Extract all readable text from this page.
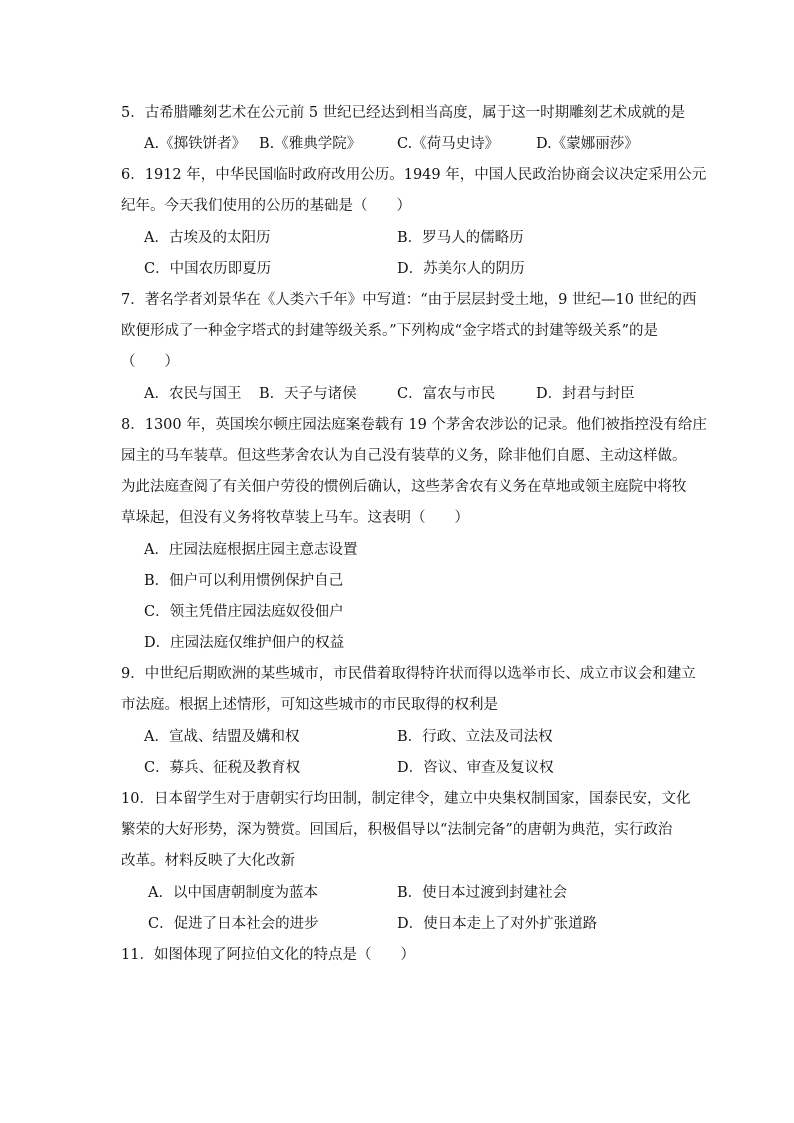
5．古希腊雕刻艺术在公元前 5 世纪已经达到相当高度，属于这一时期雕刻艺术成就的是
A.《掷铁饼者》 B.《雅典学院》 C.《荷马史诗》	D.《蒙娜丽莎》
6．1912 年，中华民国临时政府改用公历。1949 年，中国人民政治协商会议决定采用公元
纪年。今天我们使用的公历的基础是（　　）
A．古埃及的太阳历	B．罗马人的儒略历
C．中国农历即夏历	D．苏美尔人的阴历
7．著名学者刘景华在《人类六千年》中写道：“由于层层封受土地，9 世纪—10 世纪的西
欧便形成了一种金字塔式的封建等级关系。”下列构成“金字塔式的封建等级关系”的是
（　　）
A．农民与国王 B．天子与诸侯	C．富农与市民	D．封君与封臣
8．1300 年，英国埃尔顿庄园法庭案卷载有 19 个茅舍农涉讼的记录。他们被指控没有给庄
园主的马车装草。但这些茅舍农认为自己没有装草的义务，除非他们自愿、主动这样做。
为此法庭查阅了有关佃户劳役的惯例后确认，这些茅舍农有义务在草地或领主庭院中将牧
草垛起，但没有义务将牧草装上马车。这表明（　　）
A．庄园法庭根据庄园主意志设置
B．佃户可以利用惯例保护自己
C．领主凭借庄园法庭奴役佃户
D．庄园法庭仅维护佃户的权益
9．中世纪后期欧洲的某些城市，市民借着取得特许状而得以选举市长、成立市议会和建立
市法庭。根据上述情形，可知这些城市的市民取得的权利是
A．宣战、结盟及媾和权	B．行政、立法及司法权
C．募兵、征税及教育权	D．咨议、审查及复议权
10．日本留学生对于唐朝实行均田制，制定律令，建立中央集权制国家，国泰民安，文化
繁荣的大好形势，深为赞赏。回国后，积极倡导以“法制完备”的唐朝为典范，实行政治
改革。材料反映了大化改新
A．以中国唐朝制度为蓝本	B．使日本过渡到封建社会
C．促进了日本社会的进步	D．使日本走上了对外扩张道路
11．如图体现了阿拉伯文化的特点是（　　）
